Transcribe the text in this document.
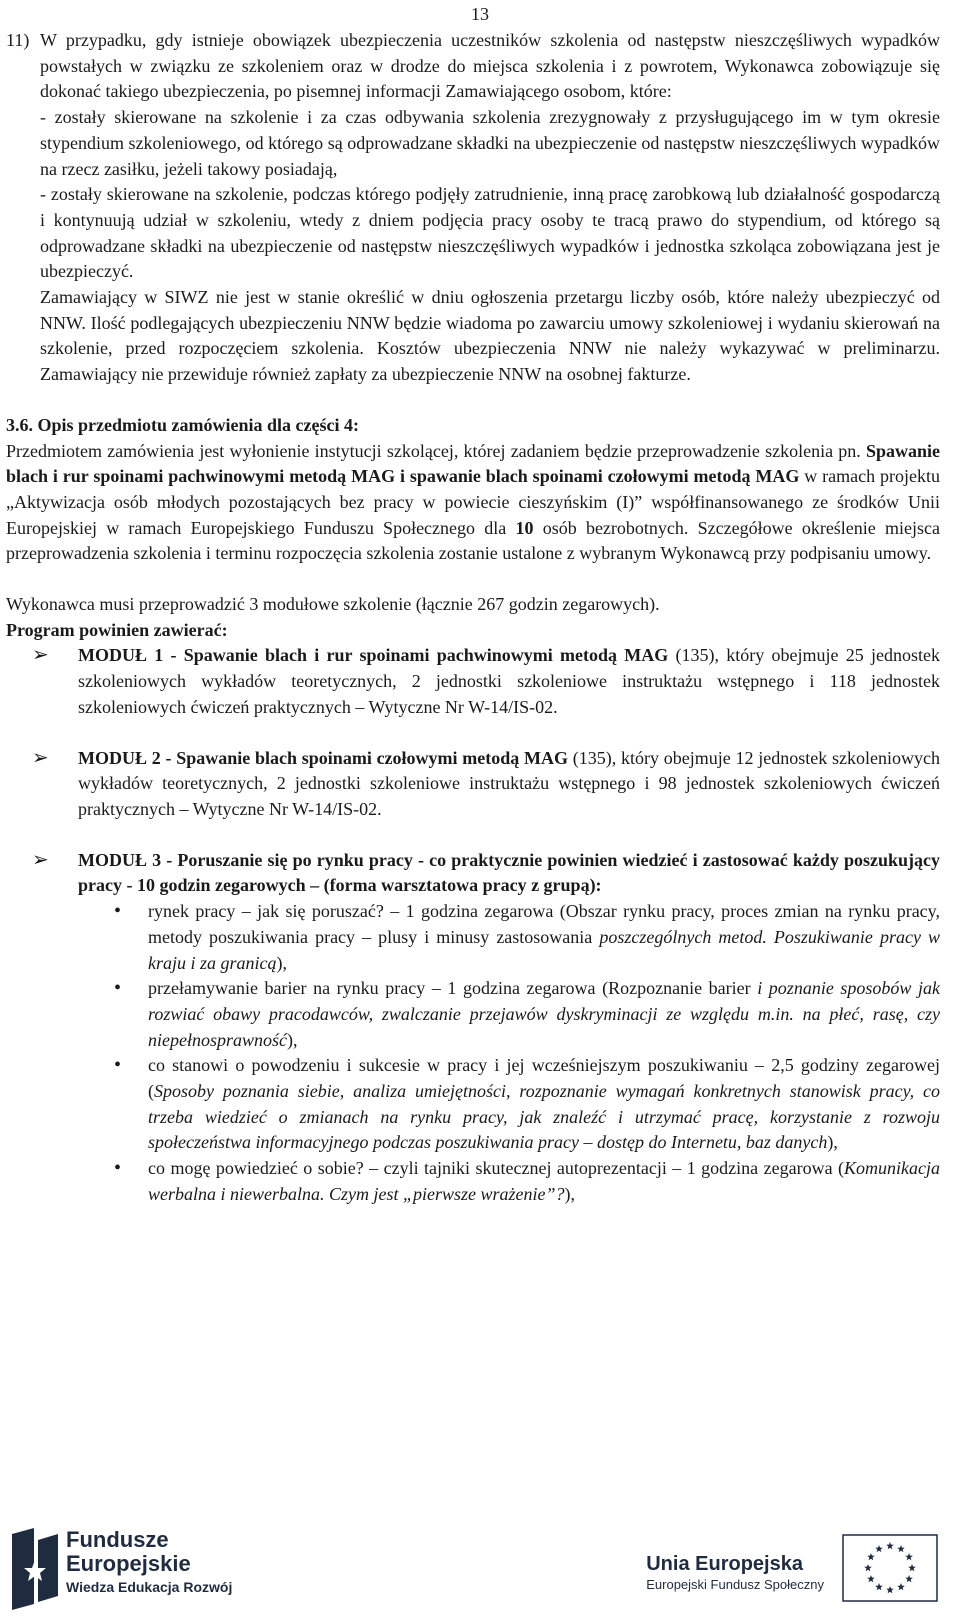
13
11) W przypadku, gdy istnieje obowiązek ubezpieczenia uczestników szkolenia od następstw nieszczęśliwych wypadków powstałych w związku ze szkoleniem oraz w drodze do miejsca szkolenia i z powrotem, Wykonawca zobowiązuje się dokonać takiego ubezpieczenia, po pisemnej informacji Zamawiającego osobom, które:

- zostały skierowane na szkolenie i za czas odbywania szkolenia zrezygnowały z przysługującego im w tym okresie stypendium szkoleniowego, od którego są odprowadzane składki na ubezpieczenie od następstw nieszczęśliwych wypadków na rzecz zasiłku, jeżeli takowy posiadają,

- zostały skierowane na szkolenie, podczas którego podjęły zatrudnienie, inną pracę zarobkową lub działalność gospodarczą i kontynuują udział w szkoleniu, wtedy z dniem podjęcia pracy osoby te tracą prawo do stypendium, od którego są odprowadzane składki na ubezpieczenie od następstw nieszczęśliwych wypadków i jednostka szkoląca zobowiązana jest je ubezpieczyć.

Zamawiający w SIWZ nie jest w stanie określić w dniu ogłoszenia przetargu liczby osób, które należy ubezpieczyć od NNW. Ilość podlegających ubezpieczeniu NNW będzie wiadoma po zawarciu umowy szkoleniowej i wydaniu skierowań na szkolenie, przed rozpoczęciem szkolenia. Kosztów ubezpieczenia NNW nie należy wykazywać w preliminarzu. Zamawiający nie przewiduje również zapłaty za ubezpieczenie NNW na osobnej fakturze.

3.6. Opis przedmiotu zamówienia dla części 4:

Przedmiotem zamówienia jest wyłonienie instytucji szkolącej, której zadaniem będzie przeprowadzenie szkolenia pn. Spawanie blach i rur spoinami pachwinowymi metodą MAG i spawanie blach spoinami czołowymi metodą MAG w ramach projektu „Aktywizacja osób młodych pozostających bez pracy w powiecie cieszyńskim (I)” współfinansowanego ze środków Unii Europejskiej w ramach Europejskiego Funduszu Społecznego dla 10 osób bezrobotnych. Szczegółowe określenie miejsca przeprowadzenia szkolenia i terminu rozpoczęcia szkolenia zostanie ustalone z wybranym Wykonawcą przy podpisaniu umowy.

Wykonawca musi przeprowadzić 3 modułowe szkolenie (łącznie 267 godzin zegarowych).

Program powinien zawierać:

➢	MODUŁ 1 - Spawanie blach i rur spoinami pachwinowymi metodą MAG (135), który obejmuje 25 jednostek szkoleniowych wykładów teoretycznych, 2 jednostki szkoleniowe instruktażu wstępnego i 118 jednostek szkoleniowych ćwiczeń praktycznych – Wytyczne Nr W-14/IS-02.

➢	MODUŁ 2 - Spawanie blach spoinami czołowymi metodą MAG (135), który obejmuje 12 jednostek szkoleniowych wykładów teoretycznych, 2 jednostki szkoleniowe instruktażu wstępnego i 98 jednostek szkoleniowych ćwiczeń praktycznych – Wytyczne Nr W-14/IS-02.

➢	MODUŁ 3 - Poruszanie się po rynku pracy - co praktycznie powinien wiedzieć i zastosować każdy poszukujący pracy - 10 godzin zegarowych – (forma warsztatowa pracy z grupą):

•	rynek pracy – jak się poruszać? – 1 godzina zegarowa (Obszar rynku pracy, proces zmian na rynku pracy, metody poszukiwania pracy – plusy i minusy zastosowania poszczególnych metod. Poszukiwanie pracy w kraju i za granicą),

•	przełamywanie barier na rynku pracy – 1 godzina zegarowa (Rozpoznanie barier i poznanie sposobów jak rozwiać obawy pracodawców, zwalczanie przejawów dyskryminacji ze względu m.in. na płeć, rasę, czy niepełnosprawność),

•	co stanowi o powodzeniu i sukcesie w pracy i jej wcześniejszym poszukiwaniu – 2,5 godziny zegarowej (Sposoby poznania siebie, analiza umiejętności, rozpoznanie wymagań konkretnych stanowisk pracy, co trzeba wiedzieć o zmianach na rynku pracy, jak znaleźć i utrzymać pracę, korzystanie z rozwoju społeczeństwa informacyjnego podczas poszukiwania pracy – dostęp do Internetu, baz danych),

•	co mogę powiedzieć o sobie? – czyli tajniki skutecznej autoprezentacji – 1 godzina zegarowa (Komunikacja werbalna i niewerbalna. Czym jest „pierwsze wrażenie”?),

Fundusze
Europejskie
Wiedza Edukacja Rozwój
Unia Europejska
Europejski Fundusz Społeczny
